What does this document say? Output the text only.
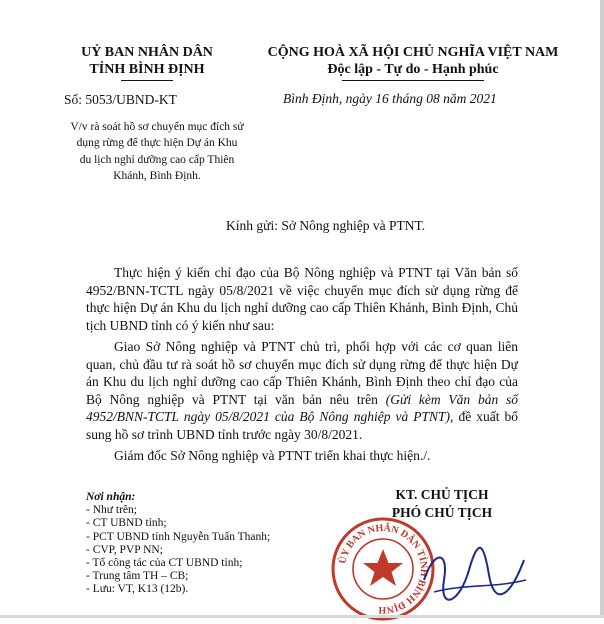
UỶ BAN NHÂN DÂN
TỈNH BÌNH ĐỊNH
CỘNG HOÀ XÃ HỘI CHỦ NGHĨA VIỆT NAM
Độc lập - Tự do - Hạnh phúc
Số: 5053/UBND-KT	Bình Định, ngày 16 tháng 08 năm 2021
V/v rà soát hồ sơ chuyển mục đích sử
dụng rừng để thực hiện Dự án Khu
du lịch nghỉ dưỡng cao cấp Thiên
Khánh, Bình Định.
Kính gửi: Sở Nông nghiệp và PTNT.

Thực hiện ý kiến chỉ đạo của Bộ Nông nghiệp và PTNT tại Văn bản số 4952/BNN-TCTL ngày 05/8/2021 về việc chuyển mục đích sử dụng rừng để thực hiện Dự án Khu du lịch nghỉ dưỡng cao cấp Thiên Khánh, Bình Định, Chủ tịch UBND tỉnh có ý kiến như sau:

Giao Sở Nông nghiệp và PTNT chủ trì, phối hợp với các cơ quan liên quan, chủ đầu tư rà soát hồ sơ chuyển mục đích sử dụng rừng để thực hiện Dự án Khu du lịch nghỉ dưỡng cao cấp Thiên Khánh, Bình Định theo chỉ đạo của Bộ Nông nghiệp và PTNT tại văn bản nêu trên (Gửi kèm Văn bản số 4952/BNN-TCTL ngày 05/8/2021 của Bộ Nông nghiệp và PTNT), đề xuất bổ sung hồ sơ trình UBND tỉnh trước ngày 30/8/2021.

Giám đốc Sở Nông nghiệp và PTNT triển khai thực hiện./.

Nơi nhận:
- Như trên;
- CT UBND tỉnh;
- PCT UBND tỉnh Nguyễn Tuấn Thanh;
- CVP, PVP NN;
- Tổ công tác của CT UBND tỉnh;
- Trung tâm TH – CB;
- Lưu: VT, K13 (12b).
KT. CHỦ TỊCH
PHÓ CHỦ TỊCH
ỦY BAN NHÂN DÂN TỈNH BÌNH ĐỊNH
